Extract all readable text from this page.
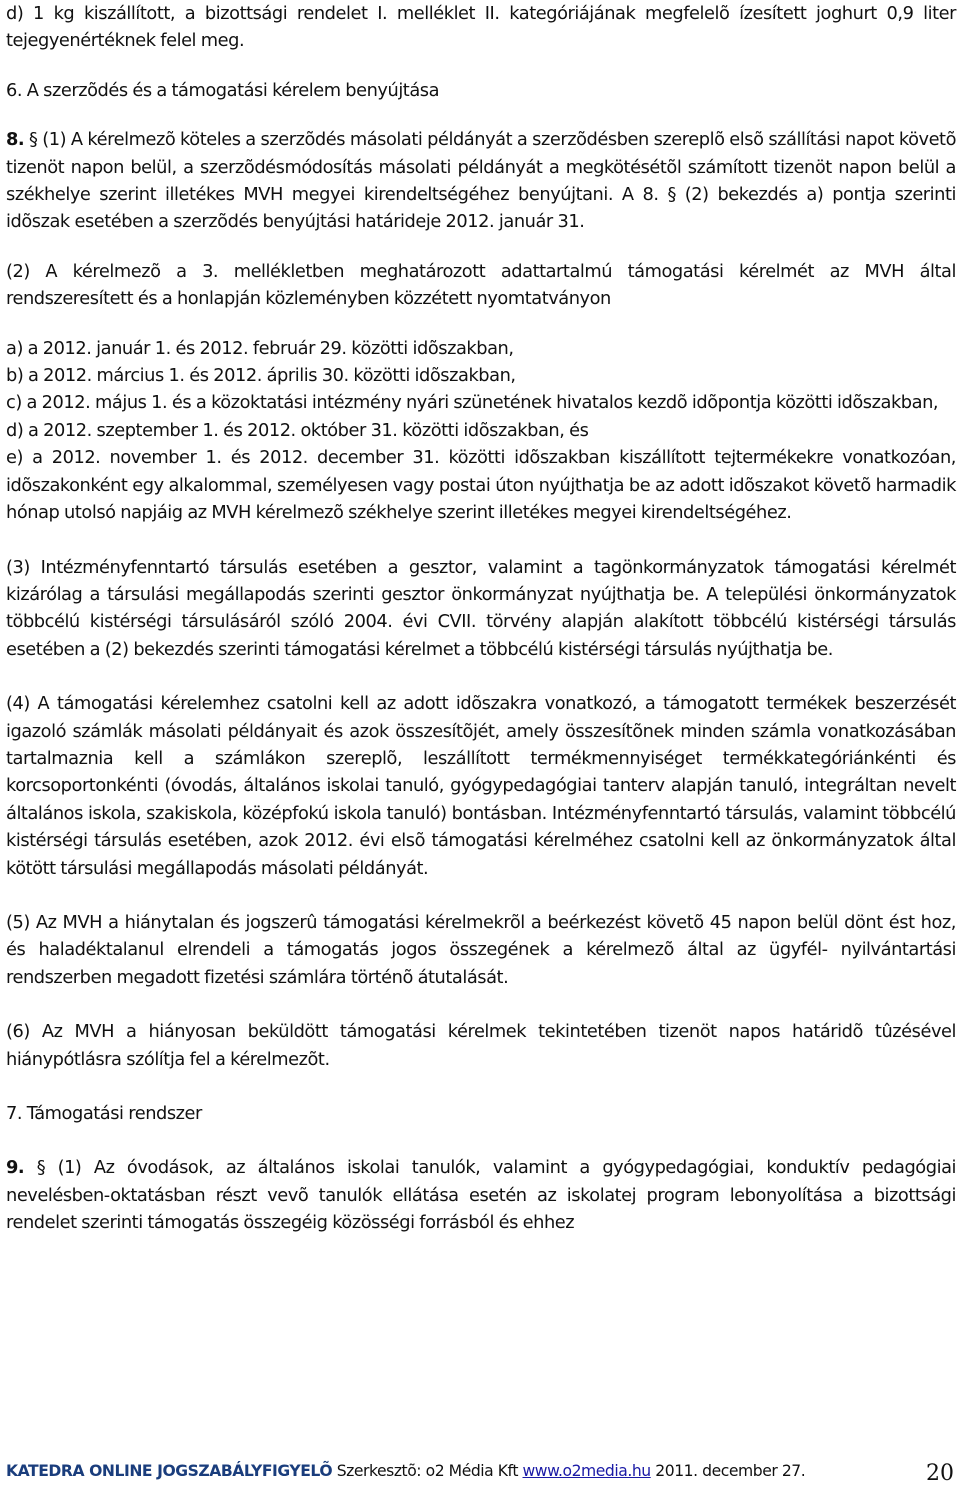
d) 1 kg kiszállított, a bizottsági rendelet I. melléklet II. kategóriájának megfelelõ ízesített joghurt 0,9 liter tejegyenértéknek felel meg.

6. A szerzõdés és a támogatási kérelem benyújtása

8. § (1) A kérelmezõ köteles a szerzõdés másolati példányát a szerzõdésben szereplõ elsõ szállítási napot követõ tizenöt napon belül, a szerzõdésmódosítás másolati példányát a megkötésétõl számított tizenöt napon belül a székhelye szerint illetékes MVH megyei kirendeltségéhez benyújtani. A 8. § (2) bekezdés a) pontja szerinti idõszak esetében a szerzõdés benyújtási határideje 2012. január 31.

(2) A kérelmezõ a 3. mellékletben meghatározott adattartalmú támogatási kérelmét az MVH által rendszeresített és a honlapján közleményben közzétett nyomtatványon

a) a 2012. január 1. és 2012. február 29. közötti idõszakban,

b) a 2012. március 1. és 2012. április 30. közötti idõszakban,

c) a 2012. május 1. és a közoktatási intézmény nyári szünetének hivatalos kezdõ idõpontja közötti idõszakban,

d) a 2012. szeptember 1. és 2012. október 31. közötti idõszakban, és

e) a 2012. november 1. és 2012. december 31. közötti idõszakban kiszállított tejtermékekre vonatkozóan, idõszakonként egy alkalommal, személyesen vagy postai úton nyújthatja be az adott idõszakot követõ harmadik hónap utolsó napjáig az MVH kérelmezõ székhelye szerint illetékes megyei kirendeltségéhez.

(3) Intézményfenntartó társulás esetében a gesztor, valamint a tagönkormányzatok támogatási kérelmét kizárólag a társulási megállapodás szerinti gesztor önkormányzat nyújthatja be. A települési önkormányzatok többcélú kistérségi társulásáról szóló 2004. évi CVII. törvény alapján alakított többcélú kistérségi társulás esetében a (2) bekezdés szerinti támogatási kérelmet a többcélú kistérségi társulás nyújthatja be.

(4) A támogatási kérelemhez csatolni kell az adott idõszakra vonatkozó, a támogatott termékek beszerzését igazoló számlák másolati példányait és azok összesítõjét, amely összesítõnek minden számla vonatkozásában tartalmaznia kell a számlákon szereplõ, leszállított termékmennyiséget termékkategóriánkénti és korcsoportonkénti (óvodás, általános iskolai tanuló, gyógypedagógiai tanterv alapján tanuló, integráltan nevelt általános iskola, szakiskola, középfokú iskola tanuló) bontásban. Intézményfenntartó társulás, valamint többcélú kistérségi társulás esetében, azok 2012. évi elsõ támogatási kérelméhez csatolni kell az önkormányzatok által kötött társulási megállapodás másolati példányát.

(5) Az MVH a hiánytalan és jogszerû támogatási kérelmekrõl a beérkezést követõ 45 napon belül dönt ést hoz, és haladéktalanul elrendeli a támogatás jogos összegének a kérelmezõ által az ügyfél- nyilvántartási rendszerben megadott fizetési számlára történõ átutalását.

(6) Az MVH a hiányosan beküldött támogatási kérelmek tekintetében tizenöt napos határidõ tûzésével hiánypótlásra szólítja fel a kérelmezõt.

7. Támogatási rendszer

9. § (1) Az óvodások, az általános iskolai tanulók, valamint a gyógypedagógiai, konduktív pedagógiai nevelésben-oktatásban részt vevõ tanulók ellátása esetén az iskolatej program lebonyolítása a bizottsági rendelet szerinti támogatás összegéig közösségi forrásból és ehhez

KATEDRA ONLINE JOGSZABÁLYFIGYELÕ Szerkesztõ: o2 Média Kft www.o2media.hu 2011. december 27.	20
